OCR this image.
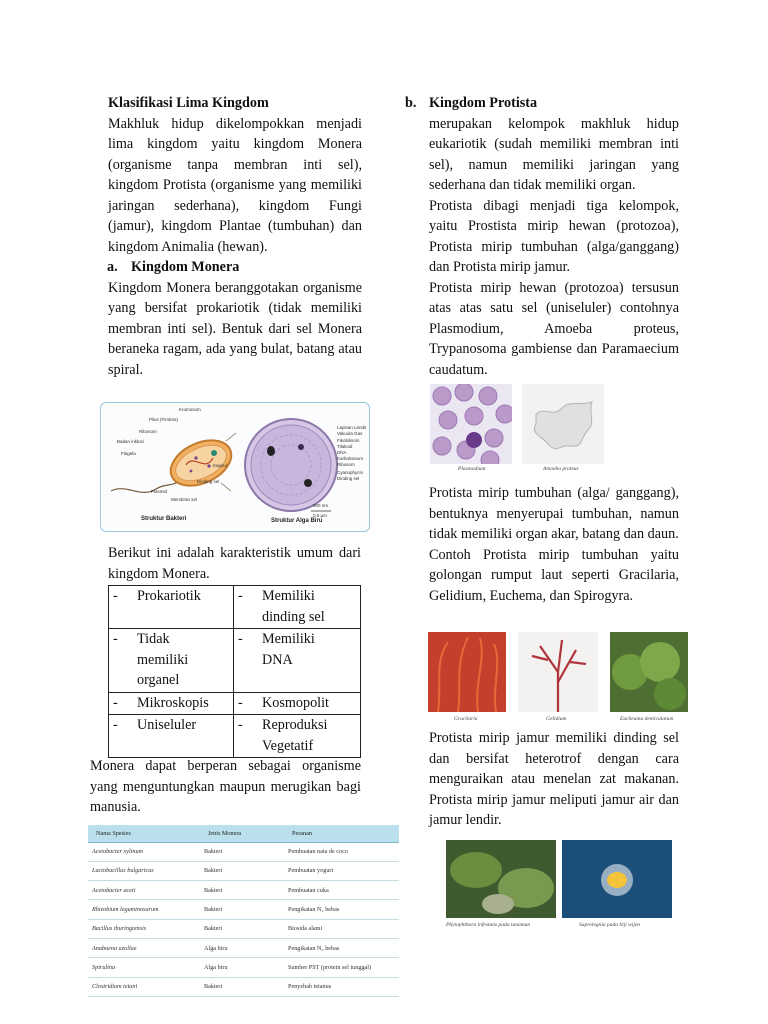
Klasifikasi Lima Kingdom
Makhluk hidup dikelompokkan menjadi lima kingdom yaitu kingdom Monera (organisme tanpa membran inti sel), kingdom Protista (organisme yang memiliki jaringan sederhana), kingdom Fungi (jamur), kingdom Plantae (tumbuhan) dan kingdom Animalia (hewan).
a. Kingdom Monera
Kingdom Monera beranggotakan organisme yang bersifat prokariotik (tidak memiliki membran inti sel). Bentuk dari sel Monera beraneka ragam, ada yang bulat, batang atau spiral.
Kromosom
Pilus (Fimbria)
Ribosom
Badan inklusi
Flagela
Kapsul
Dinding sel
Plasmid
Membran sel
Lapisan Lendir
Vakuola Gas
Fikobilisom
Tilakoid
DNA
Karboksisom
Ribosom
Cyanophycin
Dinding sel
500 nm
0.5 µm
Struktur Bakteri	Struktur Alga Biru
Berikut ini adalah karakteristik umum dari kingdom Monera.
- Prokariotik	- Memiliki dinding sel
- Tidak memiliki organel	- Memiliki DNA
- Mikroskopis	- Kosmopolit
- Uniseluler	- Reproduksi Vegetatif
Monera dapat berperan sebagai organisme yang menguntungkan maupun merugikan bagi manusia.
Nama Spesies	Jenis Monera	Peranan
Acetobacter xylinum	Bakteri	Pembuatan nata de coco
Lactobacillus bulgaricus	Bakteri	Pembuatan yogurt
Acetobacter aceti	Bakteri	Pembuatan cuka
Rhizobium leguminosarum	Bakteri	Pengikatan N₂ bebas
Bacillus thuringiensis	Bakteri	Biosida alami
Anabaena azollae	Alga biru	Pengikatan N₂ bebas
Spirulina	Alga biru	Sumber PST (protein sel tunggal)
Clostridium tetani	Bakteri	Penyebab tetanus
b. Kingdom Protista
merupakan kelompok makhluk hidup eukariotik (sudah memiliki membran inti sel), namun memiliki jaringan yang sederhana dan tidak memiliki organ.
Protista dibagi menjadi tiga kelompok, yaitu Prostista mirip hewan (protozoa), Protista mirip tumbuhan (alga/ganggang) dan Protista mirip jamur.
Protista mirip hewan (protozoa) tersusun atas atas satu sel (uniseluler) contohnya Plasmodium, Amoeba proteus, Trypanosoma gambiense dan Paramaecium caudatum.
Plasmodium	Amoeba proteus
Protista mirip tumbuhan (alga/ ganggang), bentuknya menyerupai tumbuhan, namun tidak memiliki organ akar, batang dan daun.
Contoh Protista mirip tumbuhan yaitu golongan rumput laut seperti Gracilaria, Gelidium, Euchema, dan Spirogyra.
Gracilaria	Gelidium	Eucheuma denticulatum
Protista mirip jamur memiliki dinding sel dan bersifat heterotrof dengan cara menguraikan atau menelan zat makanan. Protista mirip jamur meliputi jamur air dan jamur lendir.
Phytophthora infestans pada tanaman	Saprolegnia pada biji wijen
